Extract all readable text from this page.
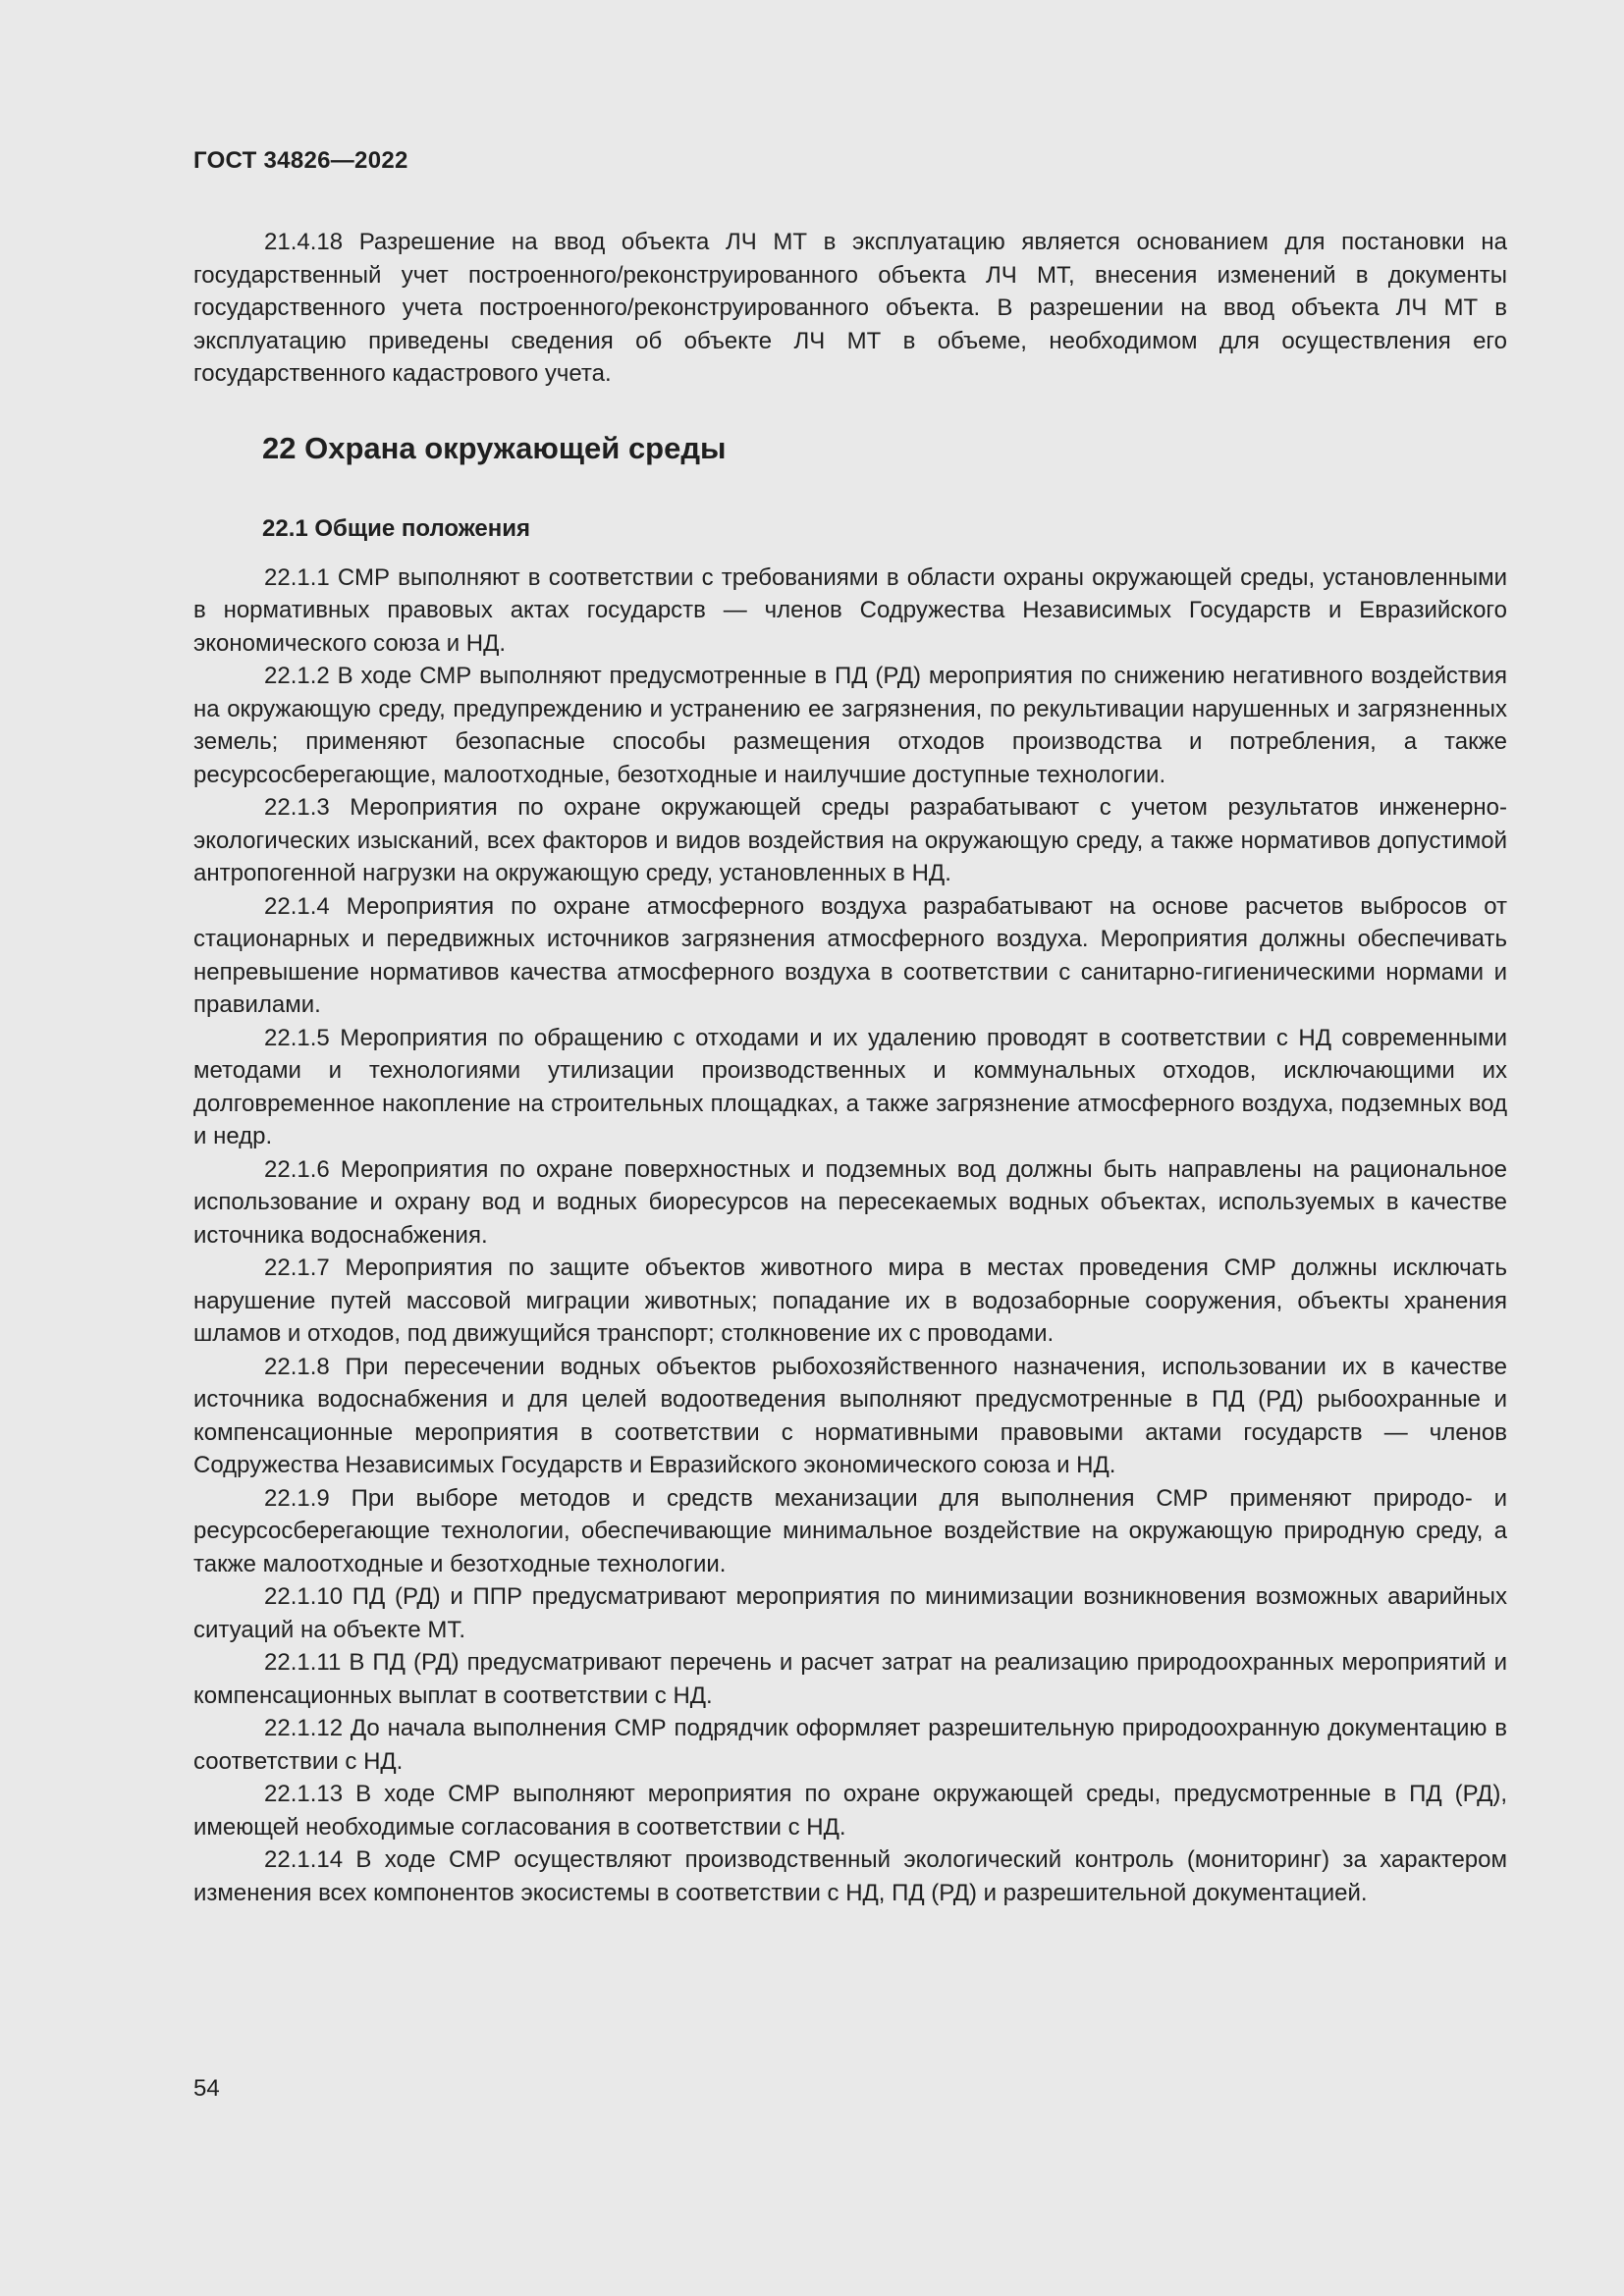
ГОСТ 34826—2022

21.4.18 Разрешение на ввод объекта ЛЧ МТ в эксплуатацию является основанием для постановки на государственный учет построенного/реконструированного объекта ЛЧ МТ, внесения изменений в документы государственного учета построенного/реконструированного объекта. В разрешении на ввод объекта ЛЧ МТ в эксплуатацию приведены сведения об объекте ЛЧ МТ в объеме, необходимом для осуществления его государственного кадастрового учета.

22 Охрана окружающей среды
22.1 Общие положения

22.1.1 СМР выполняют в соответствии с требованиями в области охраны окружающей среды, установленными в нормативных правовых актах государств — членов Содружества Независимых Государств и Евразийского экономического союза и НД.

22.1.2 В ходе СМР выполняют предусмотренные в ПД (РД) мероприятия по снижению негативного воздействия на окружающую среду, предупреждению и устранению ее загрязнения, по рекультивации нарушенных и загрязненных земель; применяют безопасные способы размещения отходов производства и потребления, а также ресурсосберегающие, малоотходные, безотходные и наилучшие доступные технологии.

22.1.3 Мероприятия по охране окружающей среды разрабатывают с учетом результатов инженерно-экологических изысканий, всех факторов и видов воздействия на окружающую среду, а также нормативов допустимой антропогенной нагрузки на окружающую среду, установленных в НД.

22.1.4 Мероприятия по охране атмосферного воздуха разрабатывают на основе расчетов выбросов от стационарных и передвижных источников загрязнения атмосферного воздуха. Мероприятия должны обеспечивать непревышение нормативов качества атмосферного воздуха в соответствии с санитарно-гигиеническими нормами и правилами.

22.1.5 Мероприятия по обращению с отходами и их удалению проводят в соответствии с НД современными методами и технологиями утилизации производственных и коммунальных отходов, исключающими их долговременное накопление на строительных площадках, а также загрязнение атмосферного воздуха, подземных вод и недр.

22.1.6 Мероприятия по охране поверхностных и подземных вод должны быть направлены на рациональное использование и охрану вод и водных биоресурсов на пересекаемых водных объектах, используемых в качестве источника водоснабжения.

22.1.7 Мероприятия по защите объектов животного мира в местах проведения СМР должны исключать нарушение путей массовой миграции животных; попадание их в водозаборные сооружения, объекты хранения шламов и отходов, под движущийся транспорт; столкновение их с проводами.

22.1.8 При пересечении водных объектов рыбохозяйственного назначения, использовании их в качестве источника водоснабжения и для целей водоотведения выполняют предусмотренные в ПД (РД) рыбоохранные и компенсационные мероприятия в соответствии с нормативными правовыми актами государств — членов Содружества Независимых Государств и Евразийского экономического союза и НД.

22.1.9 При выборе методов и средств механизации для выполнения СМР применяют природо- и ресурсосберегающие технологии, обеспечивающие минимальное воздействие на окружающую природную среду, а также малоотходные и безотходные технологии.

22.1.10 ПД (РД) и ППР предусматривают мероприятия по минимизации возникновения возможных аварийных ситуаций на объекте МТ.

22.1.11 В ПД (РД) предусматривают перечень и расчет затрат на реализацию природоохранных мероприятий и компенсационных выплат в соответствии с НД.

22.1.12 До начала выполнения СМР подрядчик оформляет разрешительную природоохранную документацию в соответствии с НД.

22.1.13 В ходе СМР выполняют мероприятия по охране окружающей среды, предусмотренные в ПД (РД), имеющей необходимые согласования в соответствии с НД.

22.1.14 В ходе СМР осуществляют производственный экологический контроль (мониторинг) за характером изменения всех компонентов экосистемы в соответствии с НД, ПД (РД) и разрешительной документацией.

54
